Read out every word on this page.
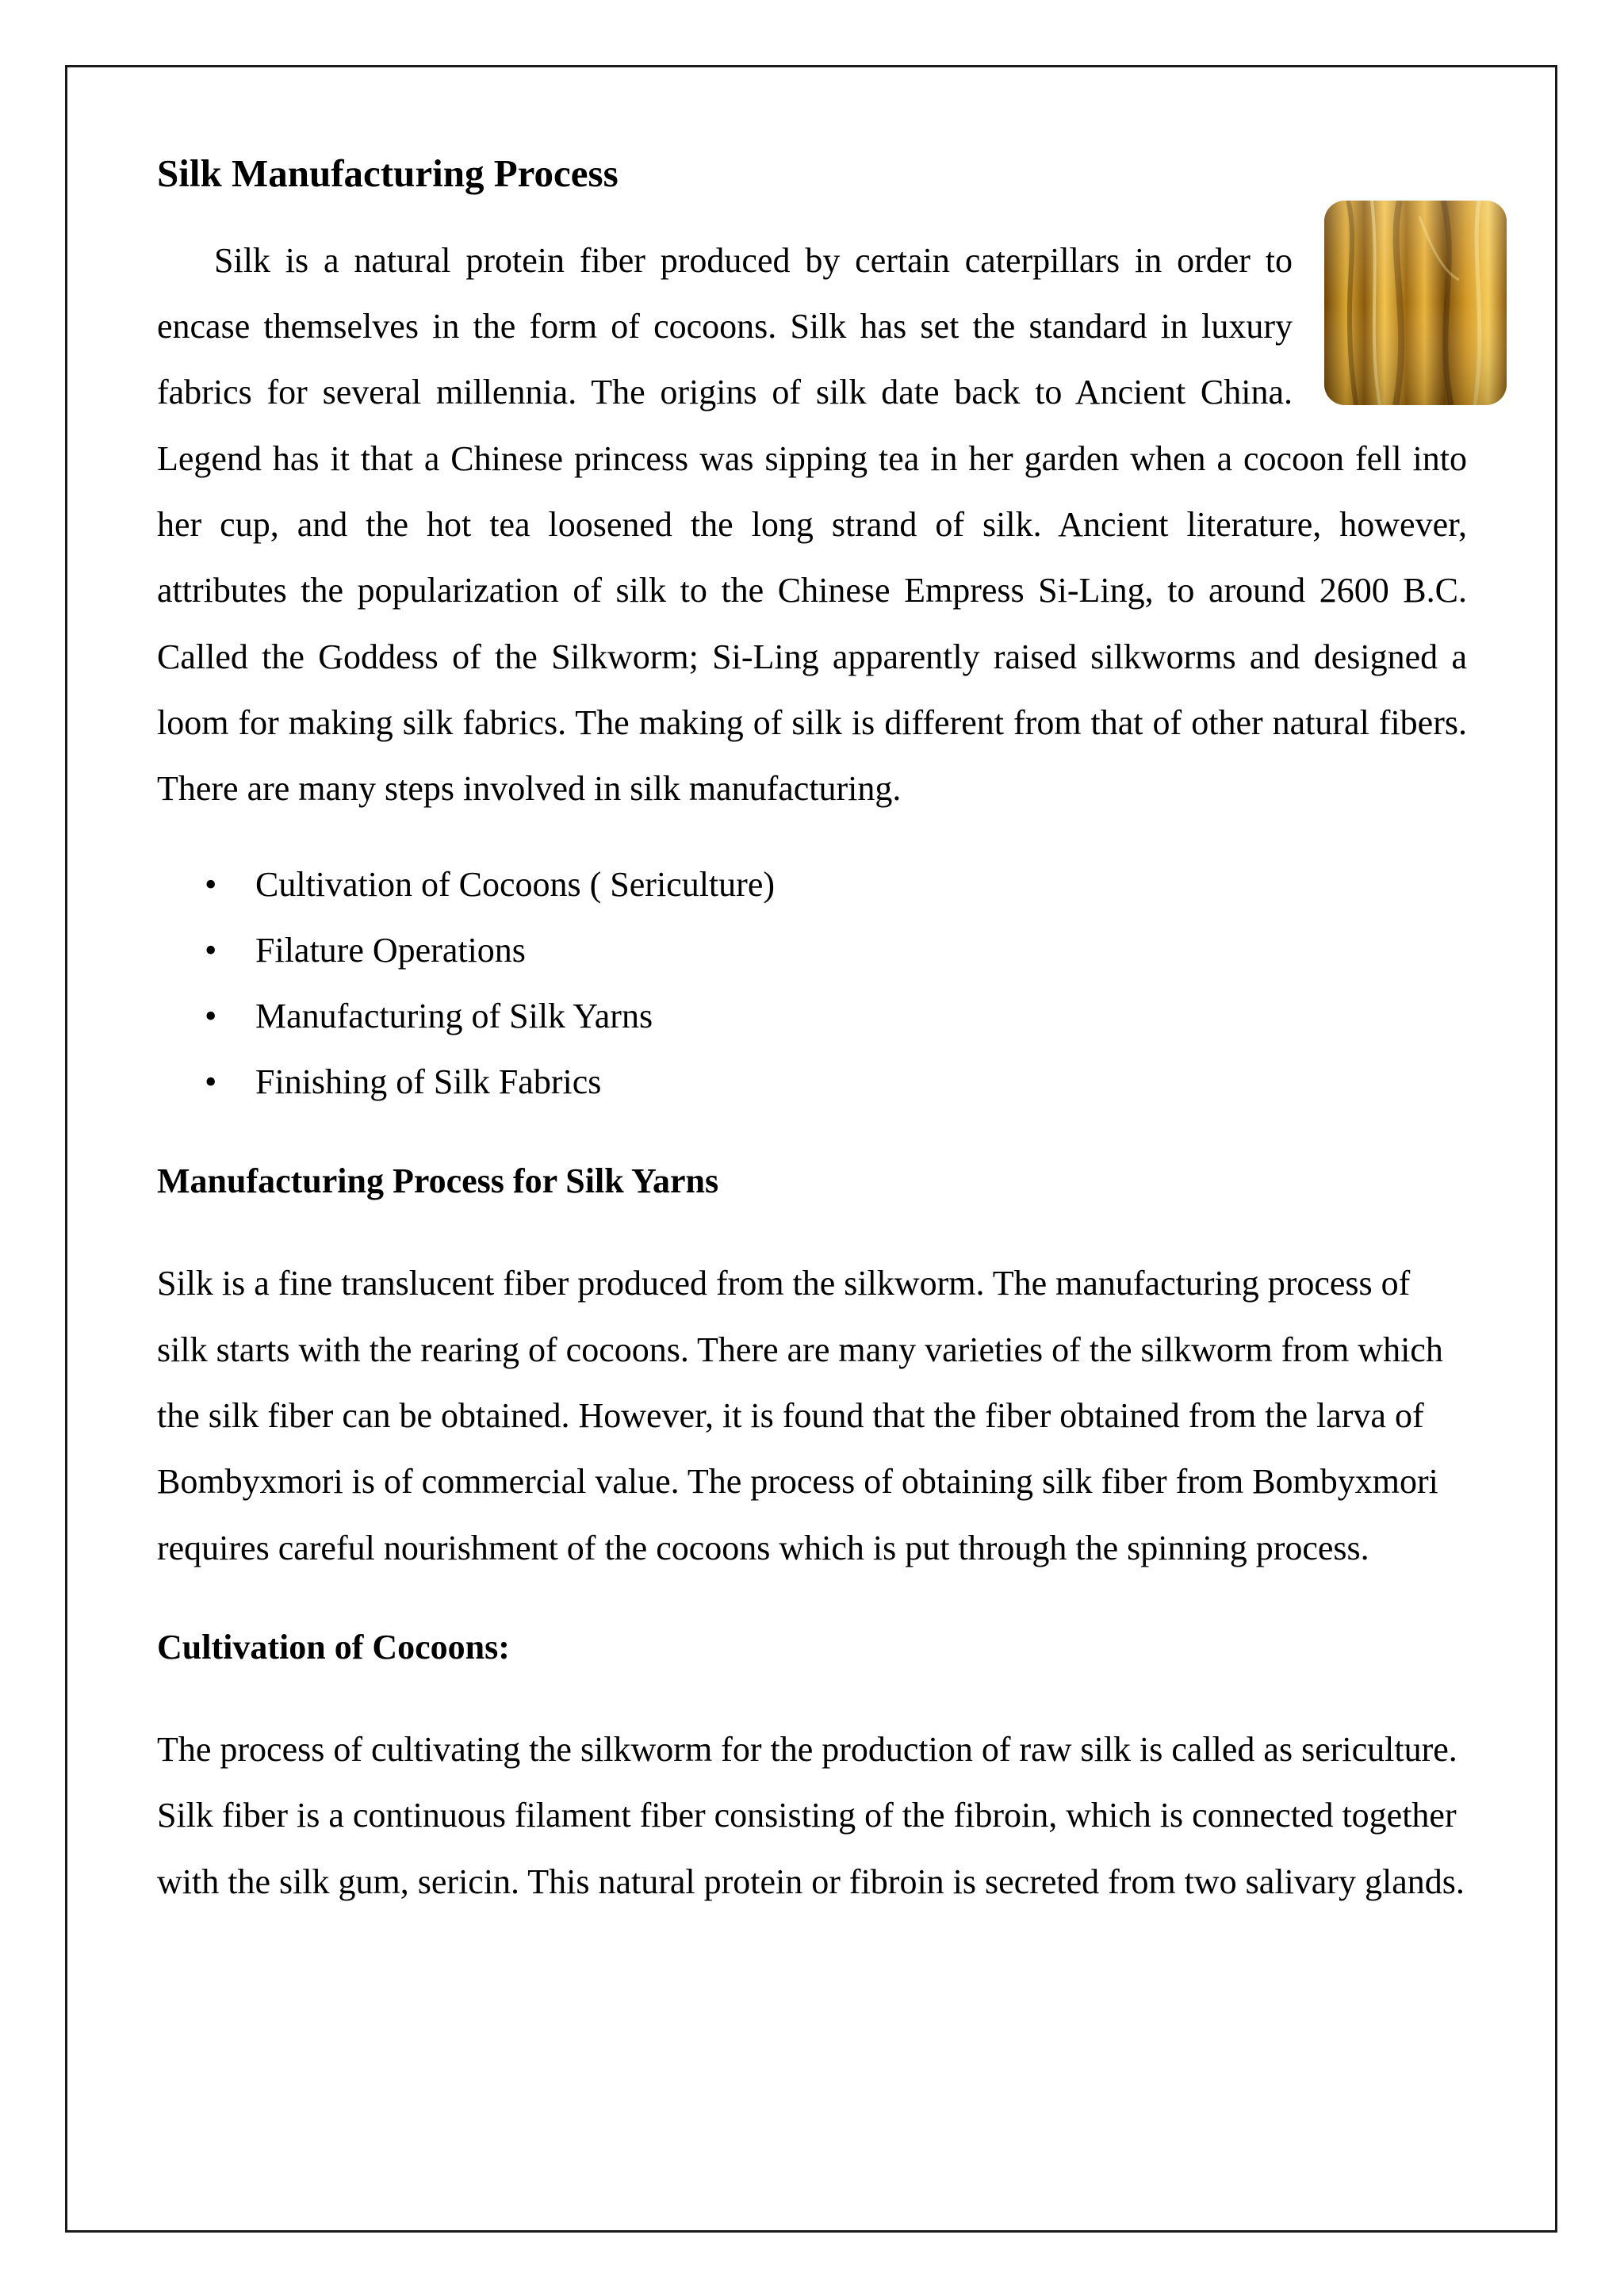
Silk Manufacturing Process

Silk is a natural protein fiber produced by certain caterpillars in order to encase themselves in the form of cocoons. Silk has set the standard in luxury fabrics for several millennia. The origins of silk date back to Ancient China. Legend has it that a Chinese princess was sipping tea in her garden when a cocoon fell into her cup, and the hot tea loosened the long strand of silk. Ancient literature, however, attributes the popularization of silk to the Chinese Empress Si-Ling, to around 2600 B.C. Called the Goddess of the Silkworm; Si-Ling apparently raised silkworms and designed a loom for making silk fabrics. The making of silk is different from that of other natural fibers. There are many steps involved in silk manufacturing.

• Cultivation of Cocoons ( Sericulture)
• Filature Operations
• Manufacturing of Silk Yarns
• Finishing of Silk Fabrics
Manufacturing Process for Silk Yarns

Silk is a fine translucent fiber produced from the silkworm. The manufacturing process of silk starts with the rearing of cocoons. There are many varieties of the silkworm from which the silk fiber can be obtained. However, it is found that the fiber obtained from the larva of Bombyxmori is of commercial value. The process of obtaining silk fiber from Bombyxmori requires careful nourishment of the cocoons which is put through the spinning process.

Cultivation of Cocoons:

The process of cultivating the silkworm for the production of raw silk is called as sericulture. Silk fiber is a continuous filament fiber consisting of the fibroin, which is connected together with the silk gum, sericin. This natural protein or fibroin is secreted from two salivary glands.
